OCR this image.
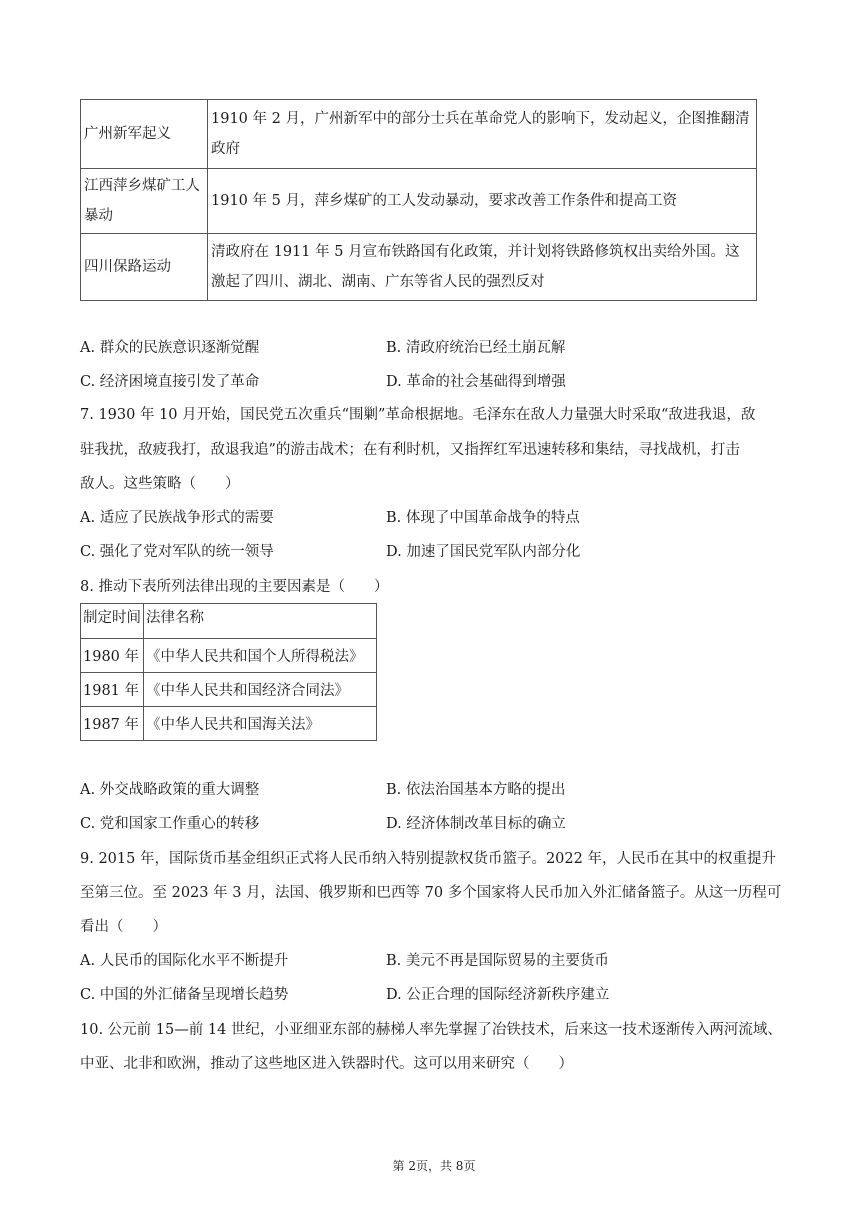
广州新军起义	1910 年 2 月，广州新军中的部分士兵在革命党人的影响下，发动起义，企图推翻清
政府

江西萍乡煤矿工人
暴动	1910 年 5 月，萍乡煤矿的工人发动暴动，要求改善工作条件和提高工资
四川保路运动	清政府在 1911 年 5 月宣布铁路国有化政策，并计划将铁路修筑权出卖给外国。这
激起了四川、湖北、湖南、广东等省人民的强烈反对
A. 群众的民族意识逐渐觉醒	B. 清政府统治已经土崩瓦解
C. 经济困境直接引发了革命	D. 革命的社会基础得到增强
7. 1930 年 10 月开始，国民党五次重兵“围剿”革命根据地。毛泽东在敌人力量强大时采取“敌进我退，敌
驻我扰，敌疲我打，敌退我追”的游击战术；在有利时机，又指挥红军迅速转移和集结，寻找战机，打击
敌人。这些策略（　　）
A. 适应了民族战争形式的需要	B. 体现了中国革命战争的特点
C. 强化了党对军队的统一领导	D. 加速了国民党军队内部分化
8. 推动下表所列法律出现的主要因素是（　　）
制定时间	法律名称
1980 年	《中华人民共和国个人所得税法》
1981 年	《中华人民共和国经济合同法》
1987 年	《中华人民共和国海关法》
A. 外交战略政策的重大调整	B. 依法治国基本方略的提出
C. 党和国家工作重心的转移	D. 经济体制改革目标的确立
9. 2015 年，国际货币基金组织正式将人民币纳入特别提款权货币篮子。2022 年，人民币在其中的权重提升
至第三位。至 2023 年 3 月，法国、俄罗斯和巴西等 70 多个国家将人民币加入外汇储备篮子。从这一历程可
看出（　　）
A. 人民币的国际化水平不断提升	B. 美元不再是国际贸易的主要货币
C. 中国的外汇储备呈现增长趋势	D. 公正合理的国际经济新秩序建立
10. 公元前 15—前 14 世纪，小亚细亚东部的赫梯人率先掌握了冶铁技术，后来这一技术逐渐传入两河流域、
中亚、北非和欧洲，推动了这些地区进入铁器时代。这可以用来研究（　　）
第 2页，共 8页
